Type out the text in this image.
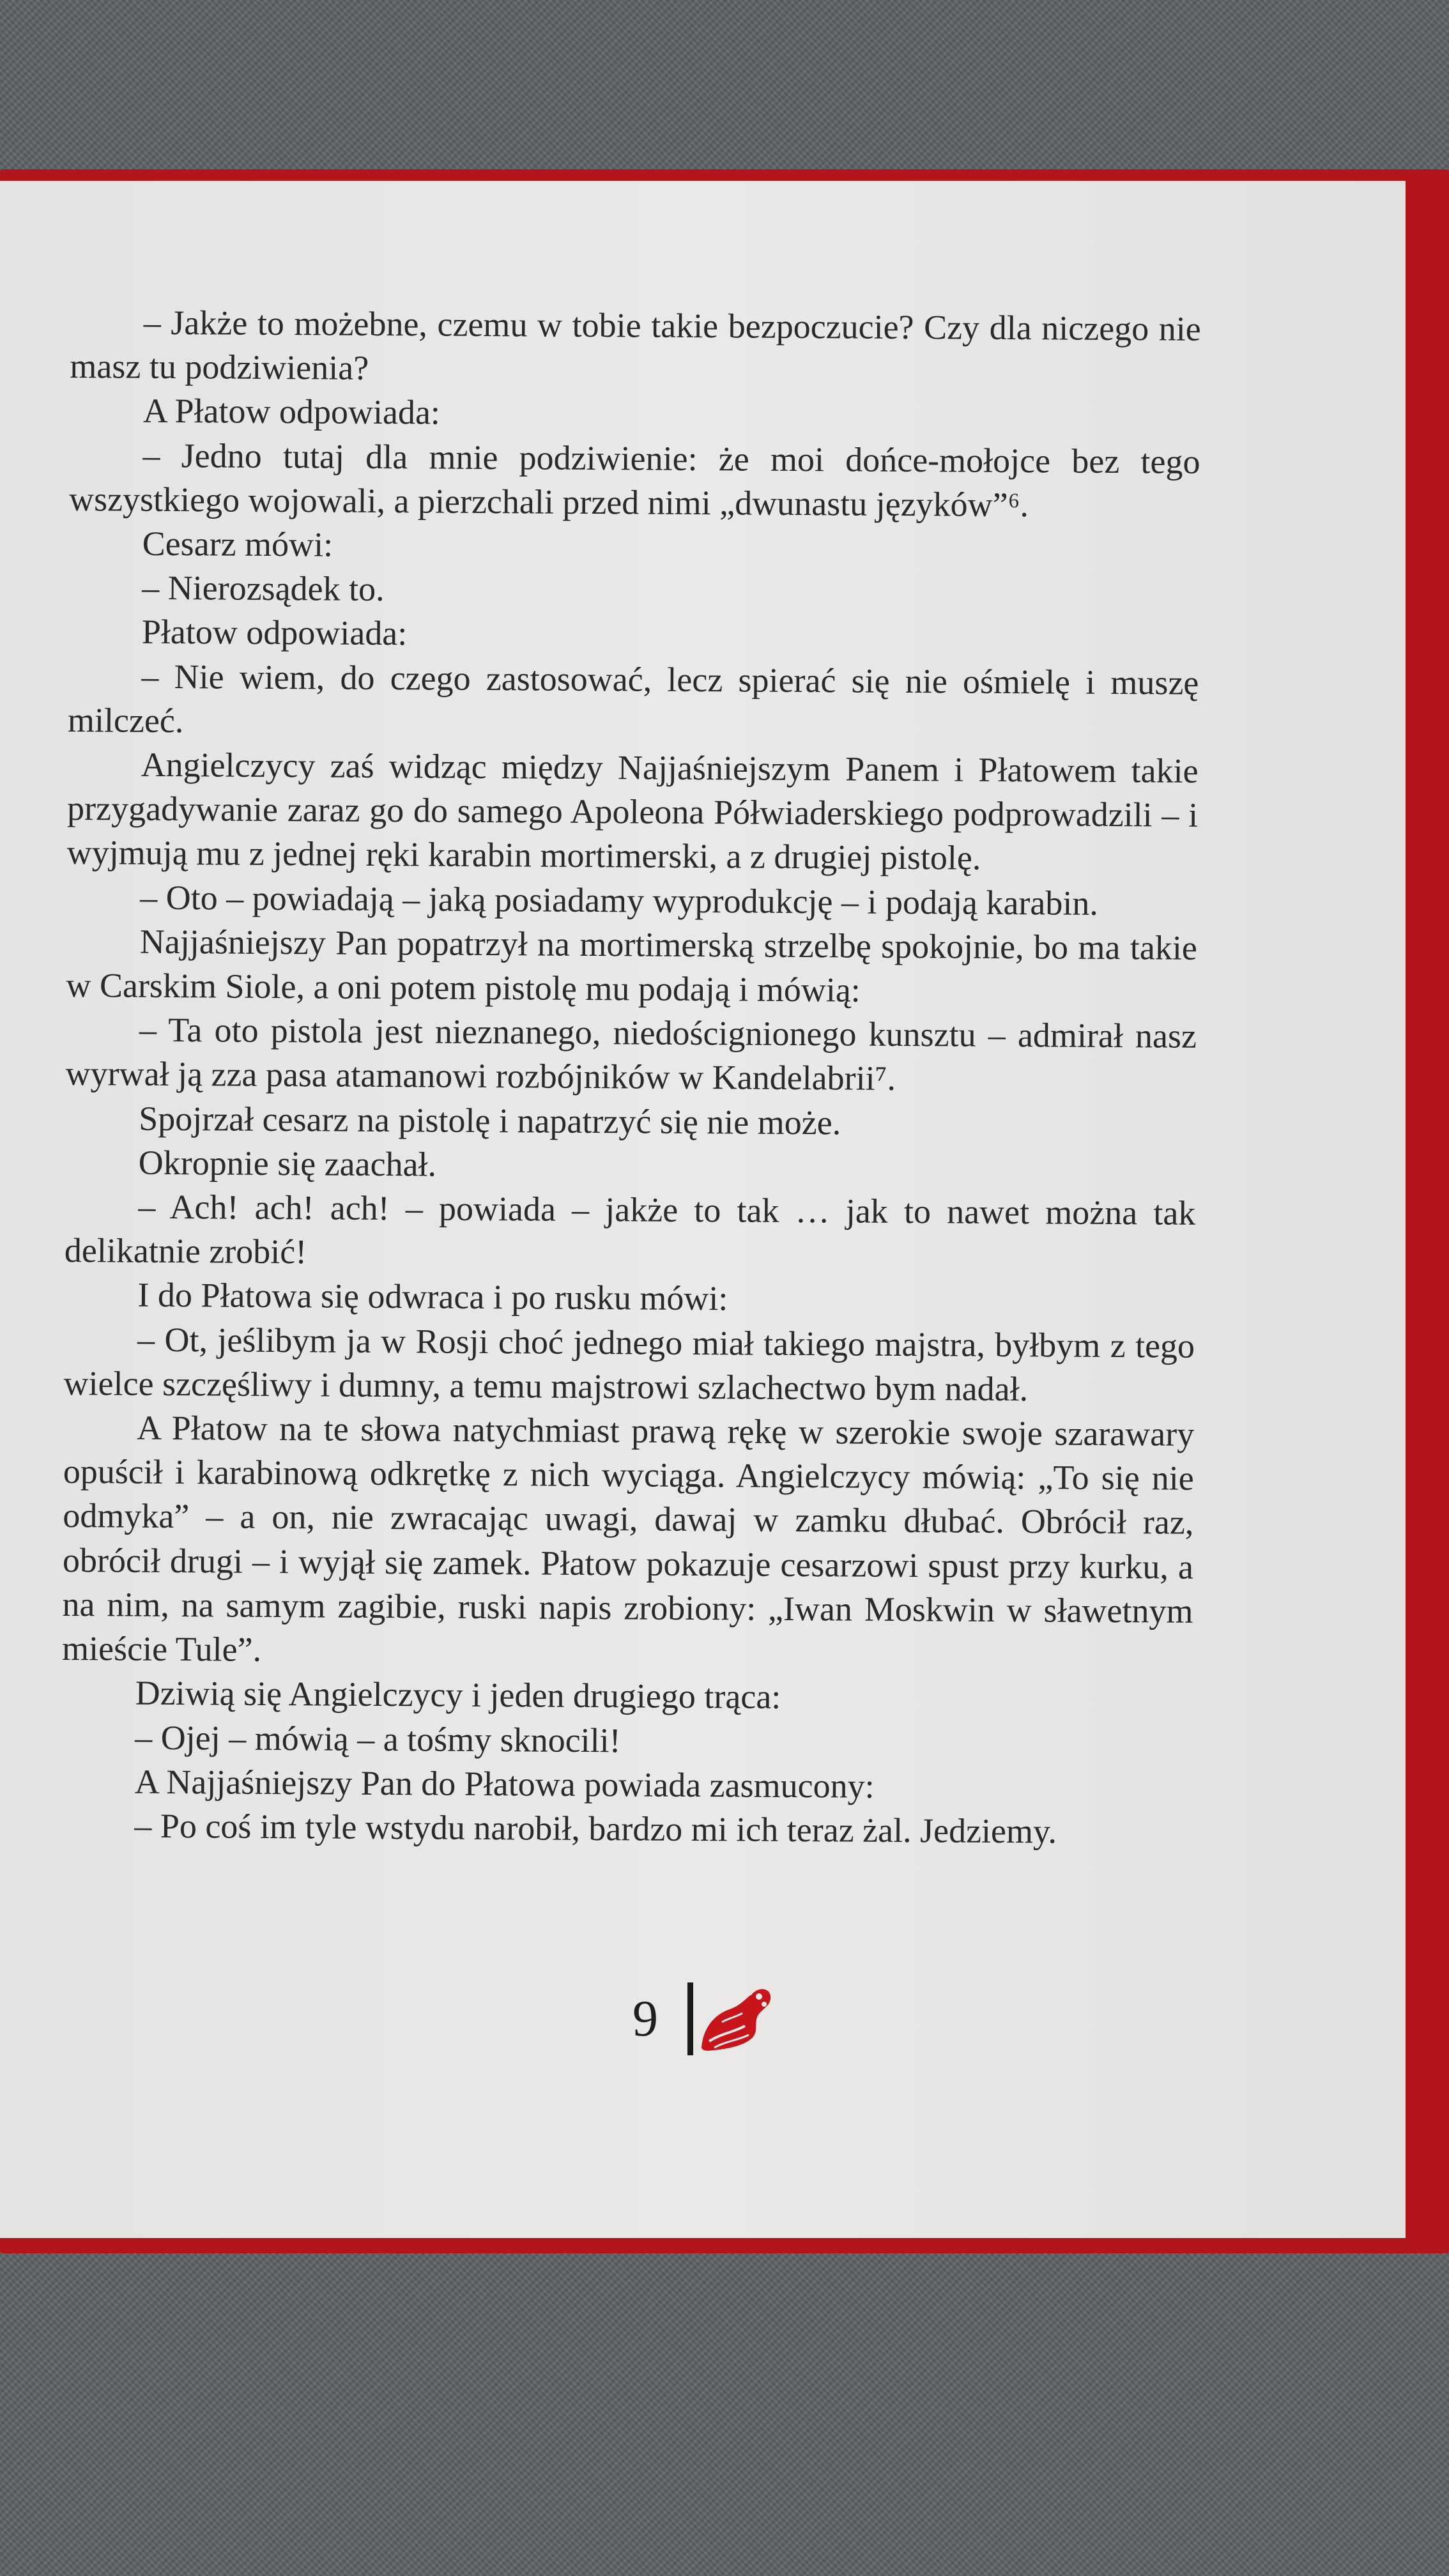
– Jakże to możebne, czemu w tobie takie bezpoczucie? Czy dla niczego nie masz tu podziwienia?

A Płatow odpowiada:

– Jedno tutaj dla mnie podziwienie: że moi dońce-mołojce bez tego wszystkiego wojowali, a pierzchali przed nimi „dwunastu języków”⁶.

Cesarz mówi:

– Nierozsądek to.

Płatow odpowiada:

– Nie wiem, do czego zastosować, lecz spierać się nie ośmielę i muszę milczeć.

Angielczycy zaś widząc między Najjaśniejszym Panem i Płatowem takie przygadywanie zaraz go do samego Apoleona Półwiaderskiego podprowadzili – i wyjmują mu z jednej ręki karabin mortimerski, a z drugiej pistolę.

– Oto – powiadają – jaką posiadamy wyprodukcję – i podają karabin.

Najjaśniejszy Pan popatrzył na mortimerską strzelbę spokojnie, bo ma takie w Carskim Siole, a oni potem pistolę mu podają i mówią:

– Ta oto pistola jest nieznanego, niedoścignionego kunsztu – admirał nasz wyrwał ją zza pasa atamanowi rozbójników w Kandelabrii⁷.

Spojrzał cesarz na pistolę i napatrzyć się nie może.

Okropnie się zaachał.

– Ach! ach! ach! – powiada – jakże to tak … jak to nawet można tak delikatnie zrobić!

I do Płatowa się odwraca i po rusku mówi:

– Ot, jeślibym ja w Rosji choć jednego miał takiego majstra, byłbym z tego wielce szczęśliwy i dumny, a temu majstrowi szlachectwo bym nadał.

A Płatow na te słowa natychmiast prawą rękę w szerokie swoje szarawary opuścił i karabinową odkrętkę z nich wyciąga. Angielczycy mówią: „To się nie odmyka” – a on, nie zwracając uwagi, dawaj w zamku dłubać. Obrócił raz, obrócił drugi – i wyjął się zamek. Płatow pokazuje cesarzowi spust przy kurku, a na nim, na samym zagibie, ruski napis zrobiony: „Iwan Moskwin w sławetnym mieście Tule”.

Dziwią się Angielczycy i jeden drugiego trąca:

– Ojej – mówią – a tośmy sknocili!

A Najjaśniejszy Pan do Płatowa powiada zasmucony:

– Po coś im tyle wstydu narobił, bardzo mi ich teraz żal. Jedziemy.

9
